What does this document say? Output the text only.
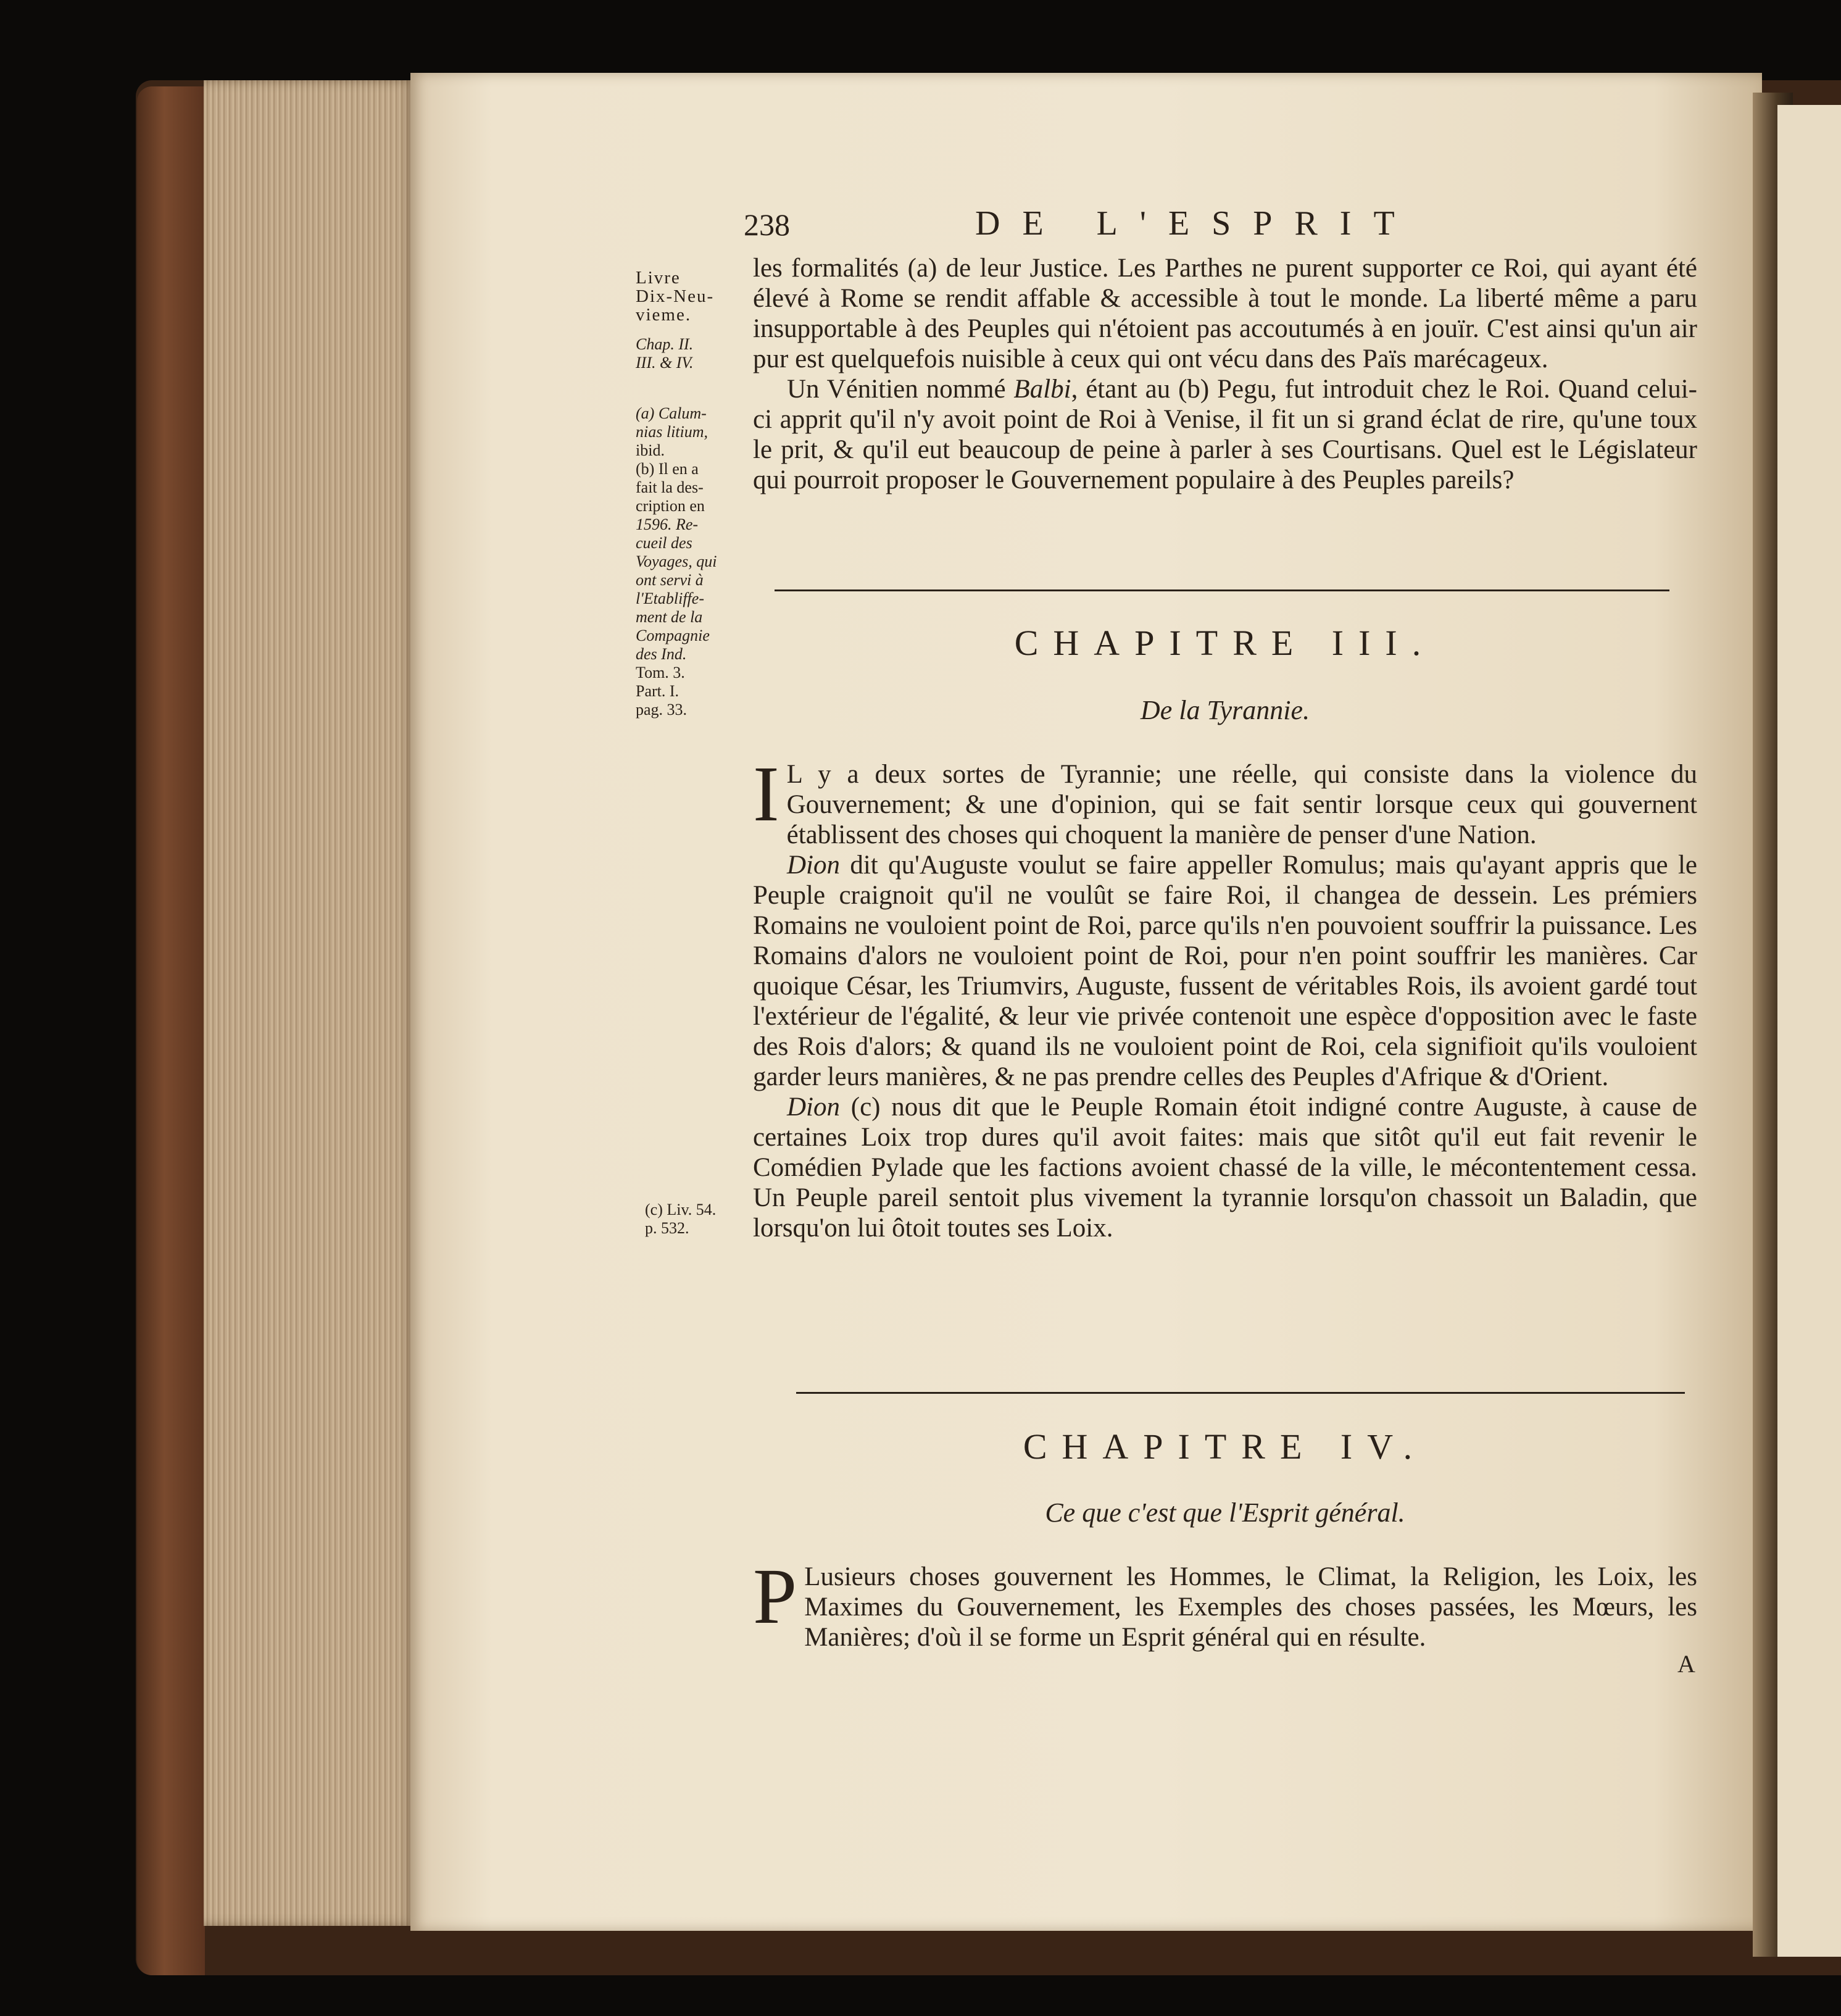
238	DE L'ESPRIT
Livre
Dix-Neu-
vieme.
Chap. II.
III. & IV.
(a) Calum-
nias litium,
ibid.
(b) Il en a
fait la des-
cription en
1596. Re-
cueil des
Voyages, qui
ont servi à
l'Etabliffe-
ment de la
Compagnie
des Ind.
Tom. 3.
Part. I.
pag. 33.
(c) Liv. 54.
p. 532.

les formalités (a) de leur Justice. Les Parthes ne purent supporter ce Roi, qui ayant été élevé à Rome se rendit affable & accessible à tout le monde. La liberté même a paru insupportable à des Peuples qui n'étoient pas accoutumés à en jouïr. C'est ainsi qu'un air pur est quelquefois nuisible à ceux qui ont vécu dans des Païs marécageux.

Un Vénitien nommé Balbi, étant au (b) Pegu, fut introduit chez le Roi. Quand celui-ci apprit qu'il n'y avoit point de Roi à Venise, il fit un si grand éclat de rire, qu'une toux le prit, & qu'il eut beaucoup de peine à parler à ses Courtisans. Quel est le Législateur qui pourroit proposer le Gouvernement populaire à des Peuples pareils?

CHAPITRE III.
De la Tyrannie.

I L y a deux sortes de Tyrannie; une réelle, qui consiste dans la violence du Gouvernement; & une d'opinion, qui se fait sentir lorsque ceux qui gouvernent établissent des choses qui choquent la manière de penser d'une Nation.

Dion dit qu'Auguste voulut se faire appeller Romulus; mais qu'ayant appris que le Peuple craignoit qu'il ne voulût se faire Roi, il changea de dessein. Les prémiers Romains ne vouloient point de Roi, parce qu'ils n'en pouvoient souffrir la puissance. Les Romains d'alors ne vouloient point de Roi, pour n'en point souffrir les manières. Car quoique César, les Triumvirs, Auguste, fussent de véritables Rois, ils avoient gardé tout l'extérieur de l'égalité, & leur vie privée contenoit une espèce d'opposition avec le faste des Rois d'alors; & quand ils ne vouloient point de Roi, cela signifioit qu'ils vouloient garder leurs manières, & ne pas prendre celles des Peuples d'Afrique & d'Orient.

Dion (c) nous dit que le Peuple Romain étoit indigné contre Auguste, à cause de certaines Loix trop dures qu'il avoit faites: mais que sitôt qu'il eut fait revenir le Comédien Pylade que les factions avoient chassé de la ville, le mécontentement cessa. Un Peuple pareil sentoit plus vivement la tyrannie lorsqu'on chassoit un Baladin, que lorsqu'on lui ôtoit toutes ses Loix.

CHAPITRE IV.
Ce que c'est que l'Esprit général.

P Lusieurs choses gouvernent les Hommes, le Climat, la Religion, les Loix, les Maximes du Gouvernement, les Exemples des choses passées, les Mœurs, les Manières; d'où il se forme un Esprit général qui en résulte.

A
